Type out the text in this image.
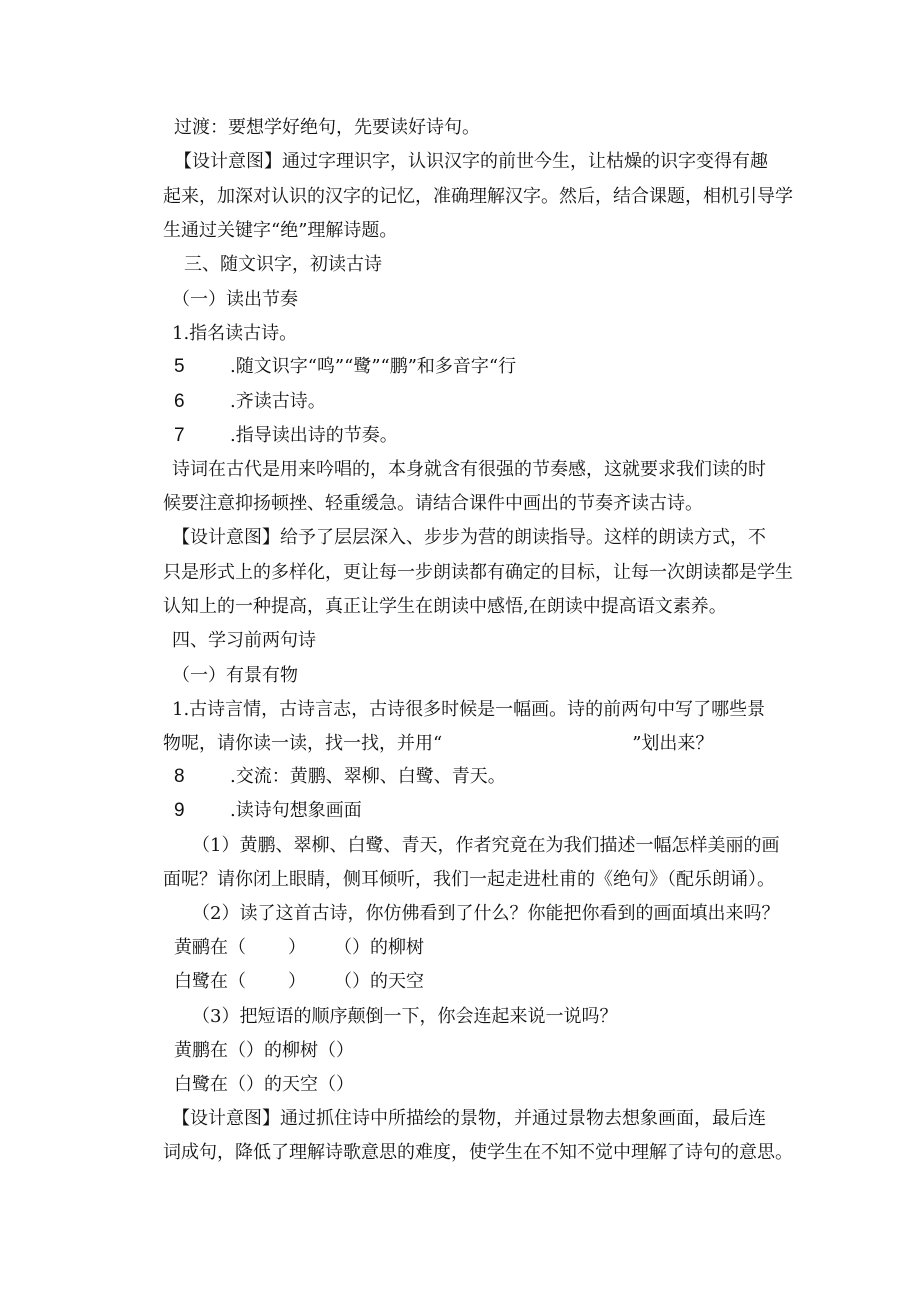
过渡：要想学好绝句，先要读好诗句。
【设计意图】通过字理识字，认识汉字的前世今生，让枯燥的识字变得有趣
起来，加深对认识的汉字的记忆，准确理解汉字。然后，结合课题，相机引导学
生通过关键字“绝”理解诗题。
三、随文识字，初读古诗
（一）读出节奏
1.指名读古诗。
5	.随文识字“鸣”“鹭”“鹏”和多音字“行
6	.齐读古诗。
7	.指导读出诗的节奏。
诗词在古代是用来吟唱的，本身就含有很强的节奏感，这就要求我们读的时
候要注意抑扬顿挫、轻重缓急。请结合课件中画出的节奏齐读古诗。
【设计意图】给予了层层深入、步步为营的朗读指导。这样的朗读方式，不
只是形式上的多样化，更让每一步朗读都有确定的目标，让每一次朗读都是学生
认知上的一种提高，真正让学生在朗读中感悟,在朗读中提高语文素养。
四、学习前两句诗
（一）有景有物
1.古诗言情，古诗言志，古诗很多时候是一幅画。诗的前两句中写了哪些景
物呢，请你读一读，找一找，并用“	”划出来？
8	.交流：黄鹏、翠柳、白鹭、青天。
9	.读诗句想象画面
（1）黄鹏、翠柳、白鹭、青天，作者究竟在为我们描述一幅怎样美丽的画
面呢？请你闭上眼睛，侧耳倾听，我们一起走进杜甫的《绝句》（配乐朗诵）。
（2）读了这首古诗，你仿佛看到了什么？你能把你看到的画面填出来吗？
黄鹂在（ ） （）的柳树
白鹭在（ ） （）的天空
（3）把短语的顺序颠倒一下，你会连起来说一说吗？
黄鹏在（）的柳树（）
白鹭在（）的天空（）
【设计意图】通过抓住诗中所描绘的景物，并通过景物去想象画面，最后连
词成句，降低了理解诗歌意思的难度，使学生在不知不觉中理解了诗句的意思。
